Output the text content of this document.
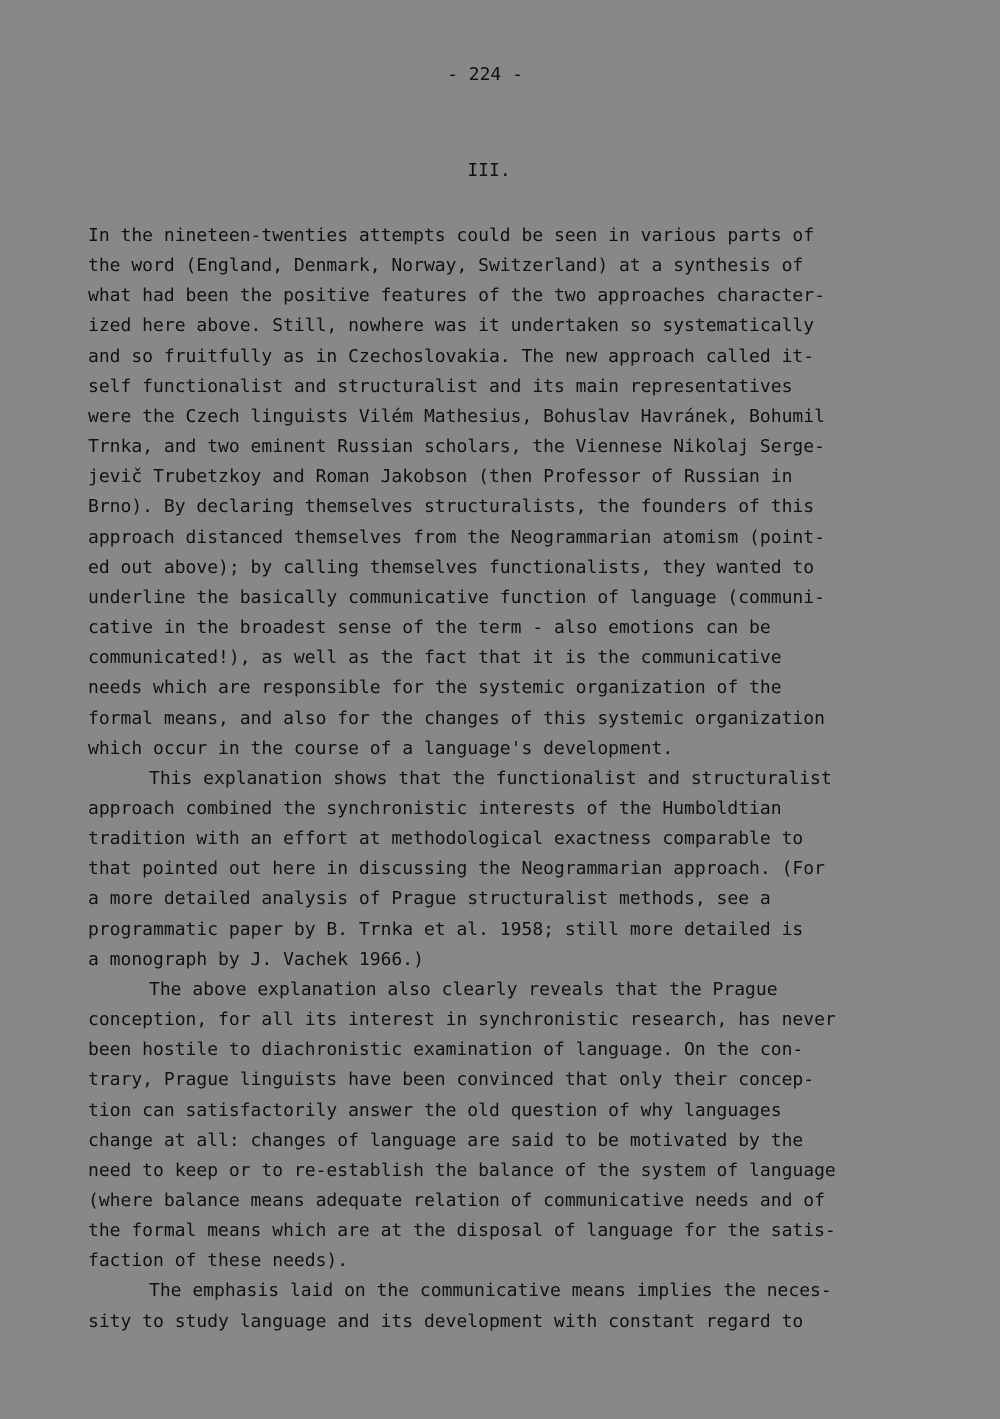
- 224 -
III.
In the nineteen-twenties attempts could be seen in various parts of
the word (England, Denmark, Norway, Switzerland) at a synthesis of
what had been the positive features of the two approaches character-
ized here above. Still, nowhere was it undertaken so systematically
and so fruitfully as in Czechoslovakia. The new approach called it-
self functionalist and structuralist and its main representatives
were the Czech linguists Vilém Mathesius, Bohuslav Havránek, Bohumil
Trnka, and two eminent Russian scholars, the Viennese Nikolaj Serge-
jevič Trubetzkoy and Roman Jakobson (then Professor of Russian in
Brno). By declaring themselves structuralists, the founders of this
approach distanced themselves from the Neogrammarian atomism (point-
ed out above); by calling themselves functionalists, they wanted to
underline the basically communicative function of language (communi-
cative in the broadest sense of the term - also emotions can be
communicated!), as well as the fact that it is the communicative
needs which are responsible for the systemic organization of the
formal means, and also for the changes of this systemic organization
which occur in the course of a language's development.
This explanation shows that the functionalist and structuralist
approach combined the synchronistic interests of the Humboldtian
tradition with an effort at methodological exactness comparable to
that pointed out here in discussing the Neogrammarian approach. (For
a more detailed analysis of Prague structuralist methods, see a
programmatic paper by B. Trnka et al. 1958; still more detailed is
a monograph by J. Vachek 1966.)
The above explanation also clearly reveals that the Prague
conception, for all its interest in synchronistic research, has never
been hostile to diachronistic examination of language. On the con-
trary, Prague linguists have been convinced that only their concep-
tion can satisfactorily answer the old question of why languages
change at all: changes of language are said to be motivated by the
need to keep or to re-establish the balance of the system of language
(where balance means adequate relation of communicative needs and of
the formal means which are at the disposal of language for the satis-
faction of these needs).
The emphasis laid on the communicative means implies the neces-
sity to study language and its development with constant regard to
